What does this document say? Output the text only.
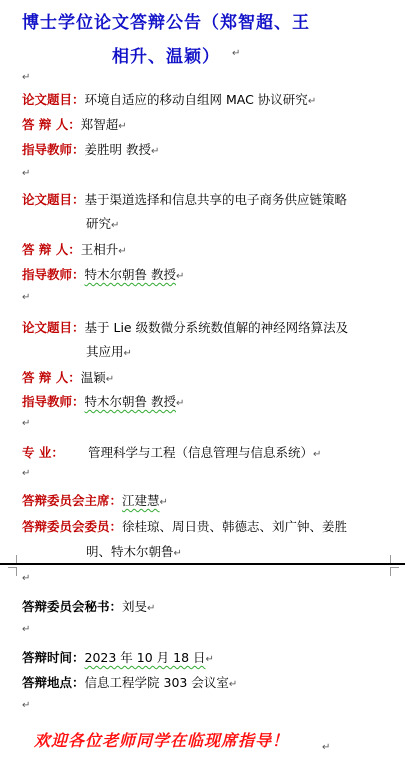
博士学位论文答辩公告（郑智超、王
相升、温颖） ↵
↵
论文题目：环境自适应的移动自组网 MAC 协议研究↵
答 辩 人：郑智超↵
指导教师：姜胜明 教授↵
↵
论文题目：基于渠道选择和信息共享的电子商务供应链策略
研究↵
答 辩 人：王相升↵
指导教师：特木尔朝鲁 教授↵
↵
论文题目：基于 Lie 级数微分系统数值解的神经网络算法及
其应用↵
答 辩 人：温颖↵
指导教师：特木尔朝鲁 教授↵
↵
专 业： 管理科学与工程（信息管理与信息系统）↵
↵
答辩委员会主席：江建慧↵
答辩委员会委员：徐桂琼、周日贵、韩德志、刘广钟、姜胜
明、特木尔朝鲁↵
↵
答辩委员会秘书：刘旻↵
↵
答辩时间：2023 年 10 月 18 日↵
答辩地点：信息工程学院 303 会议室↵
↵
欢迎各位老师同学在临现席指导！	↵
